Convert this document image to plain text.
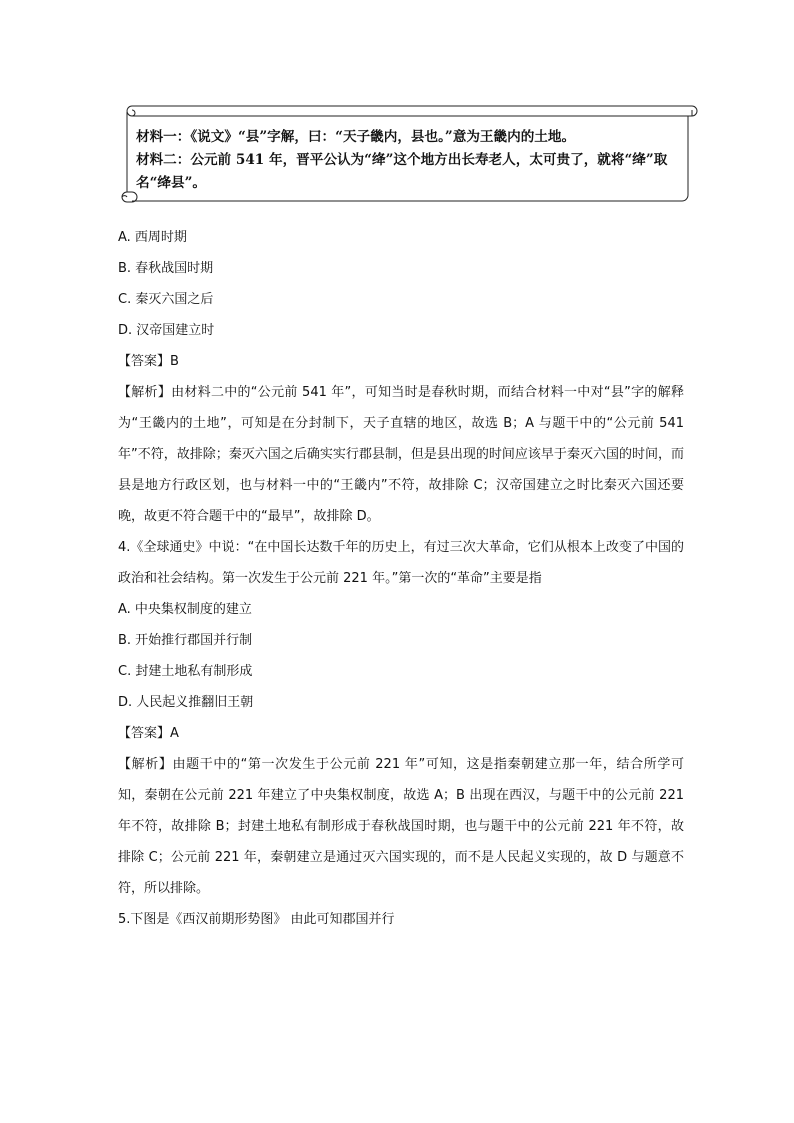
材料一：《说文》“县”字解，曰：“天子畿内，县也。”意为王畿内的土地。
材料二：公元前 541 年，晋平公认为“绛”这个地方出长寿老人，太可贵了，就将“绛”取名“绛县”。
A. 西周时期
B. 春秋战国时期
C. 秦灭六国之后
D. 汉帝国建立时
【答案】B
【解析】由材料二中的“公元前 541 年”，可知当时是春秋时期，而结合材料一中对“县”字的解释为“王畿内的土地”，可知是在分封制下，天子直辖的地区，故选 B；A 与题干中的“公元前 541 年”不符，故排除；秦灭六国之后确实实行郡县制，但是县出现的时间应该早于秦灭六国的时间，而县是地方行政区划，也与材料一中的“王畿内”不符，故排除 C；汉帝国建立之时比秦灭六国还要晚，故更不符合题干中的“最早”，故排除 D。
4.《全球通史》中说：“在中国长达数千年的历史上，有过三次大革命，它们从根本上改变了中国的政治和社会结构。第一次发生于公元前 221 年。”第一次的“革命”主要是指
A. 中央集权制度的建立
B. 开始推行郡国并行制
C. 封建土地私有制形成
D. 人民起义推翻旧王朝
【答案】A
【解析】由题干中的“第一次发生于公元前 221 年”可知，这是指秦朝建立那一年，结合所学可知，秦朝在公元前 221 年建立了中央集权制度，故选 A；B 出现在西汉，与题干中的公元前 221 年不符，故排除 B；封建土地私有制形成于春秋战国时期，也与题干中的公元前 221 年不符，故排除 C；公元前 221 年，秦朝建立是通过灭六国实现的，而不是人民起义实现的，故 D 与题意不符，所以排除。
5.下图是《西汉前期形势图》 由此可知郡国并行
